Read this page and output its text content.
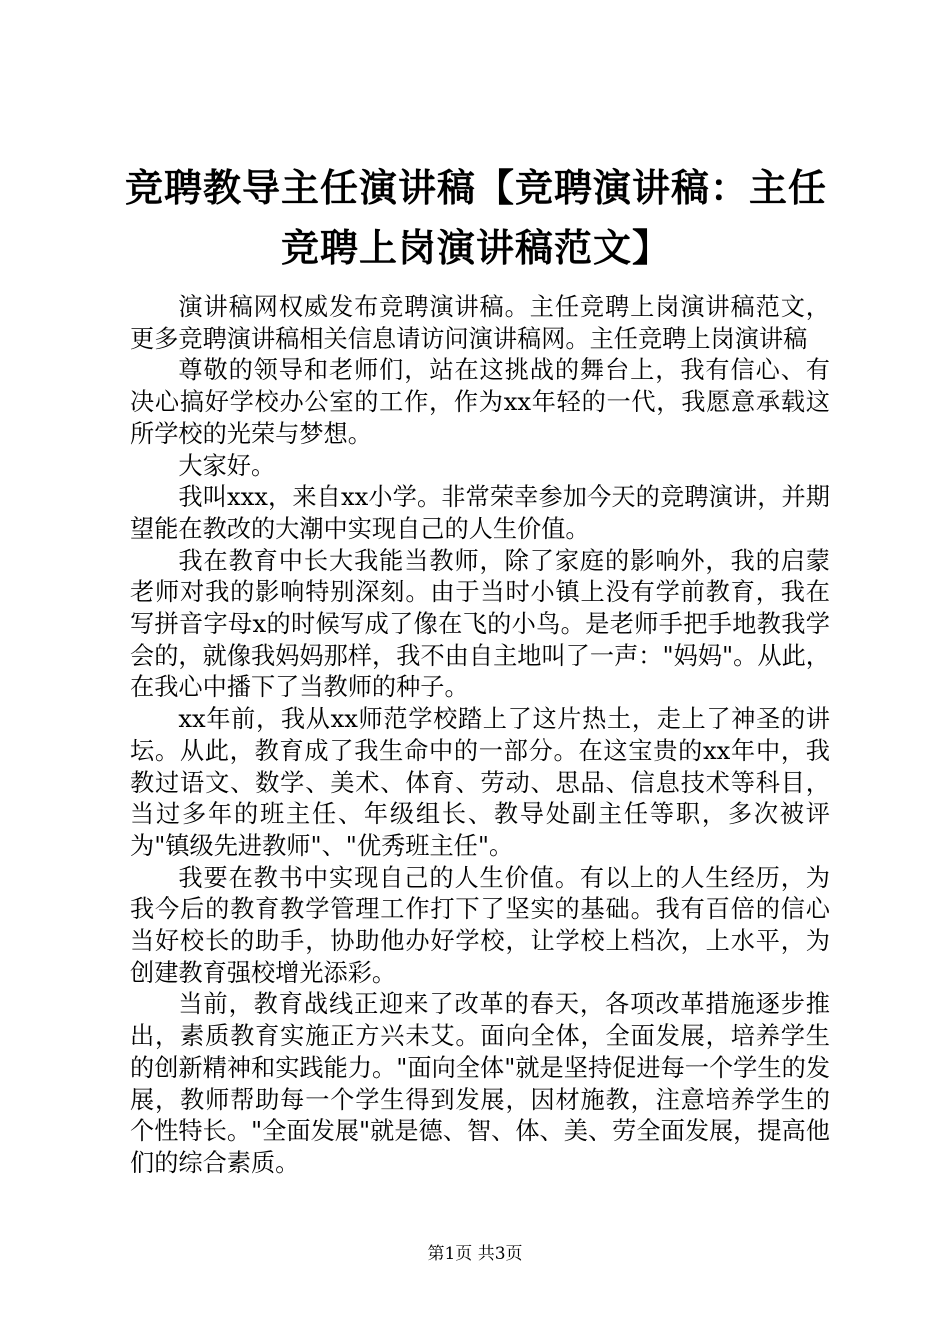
竞聘教导主任演讲稿【竞聘演讲稿：主任竞聘上岗演讲稿范文】

演讲稿网权威发布竞聘演讲稿。主任竞聘上岗演讲稿范文，更多竞聘演讲稿相关信息请访问演讲稿网。主任竞聘上岗演讲稿

尊敬的领导和老师们，站在这挑战的舞台上，我有信心、有决心搞好学校办公室的工作，作为xx年轻的一代，我愿意承载这所学校的光荣与梦想。

大家好。

我叫xxx，来自xx小学。非常荣幸参加今天的竞聘演讲，并期望能在教改的大潮中实现自己的人生价值。

我在教育中长大我能当教师，除了家庭的影响外，我的启蒙老师对我的影响特别深刻。由于当时小镇上没有学前教育，我在写拼音字母x的时候写成了像在飞的小鸟。是老师手把手地教我学会的，就像我妈妈那样，我不由自主地叫了一声："妈妈"。从此，在我心中播下了当教师的种子。

xx年前，我从xx师范学校踏上了这片热土，走上了神圣的讲坛。从此，教育成了我生命中的一部分。在这宝贵的xx年中，我教过语文、数学、美术、体育、劳动、思品、信息技术等科目，当过多年的班主任、年级组长、教导处副主任等职，多次被评为"镇级先进教师"、"优秀班主任"。

我要在教书中实现自己的人生价值。有以上的人生经历，为我今后的教育教学管理工作打下了坚实的基础。我有百倍的信心当好校长的助手，协助他办好学校，让学校上档次，上水平，为创建教育强校增光添彩。

当前，教育战线正迎来了改革的春天，各项改革措施逐步推出，素质教育实施正方兴未艾。面向全体，全面发展，培养学生的创新精神和实践能力。"面向全体"就是坚持促进每一个学生的发展，教师帮助每一个学生得到发展，因材施教，注意培养学生的个性特长。"全面发展"就是德、智、体、美、劳全面发展，提高他们的综合素质。

第1页 共3页
